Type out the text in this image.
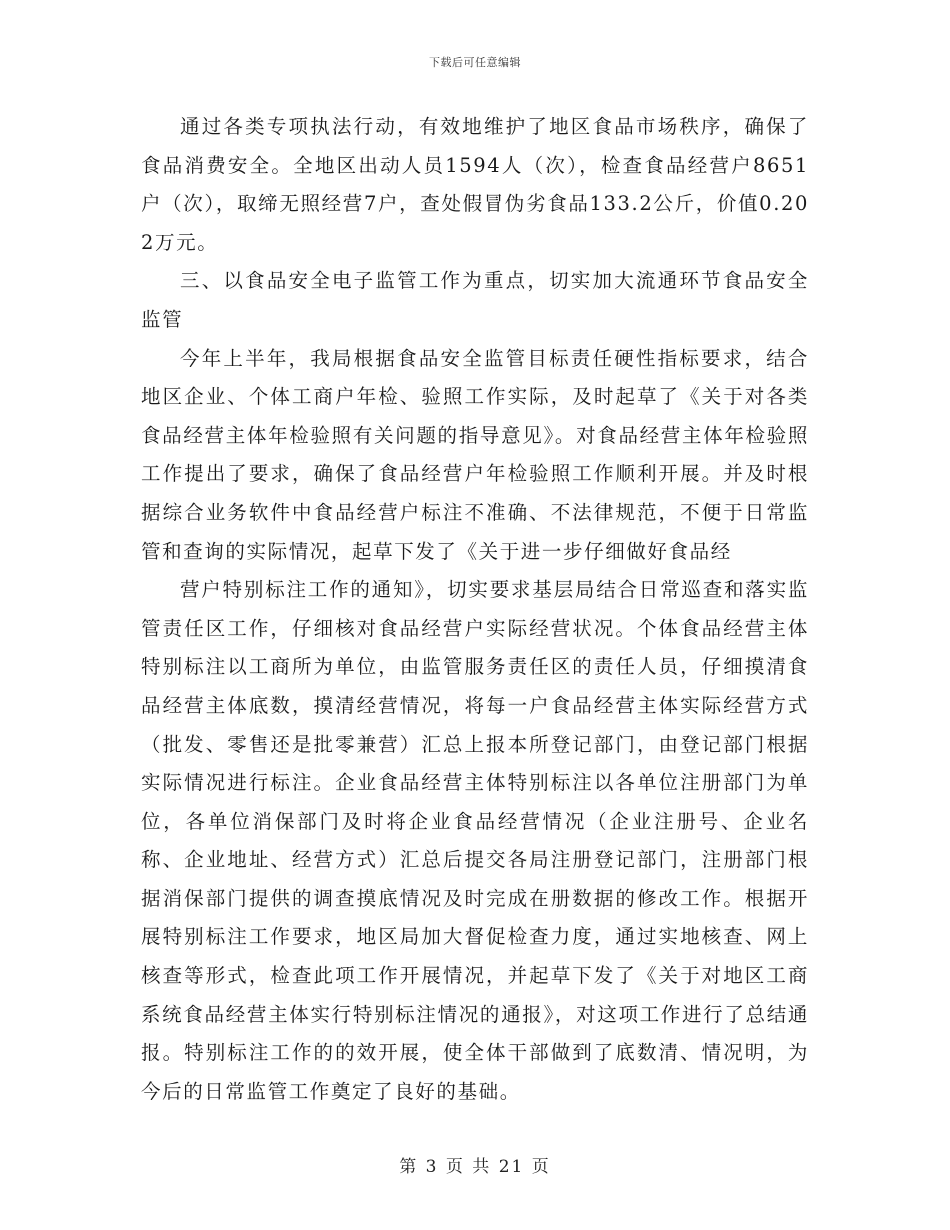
下载后可任意编辑

通过各类专项执法行动，有效地维护了地区食品市场秩序，确保了食品消费安全。全地区出动人员1594人（次），检查食品经营户8651户（次），取缔无照经营7户，查处假冒伪劣食品133.2公斤，价值0.202万元。

三、以食品安全电子监管工作为重点，切实加大流通环节食品安全监管

今年上半年，我局根据食品安全监管目标责任硬性指标要求，结合地区企业、个体工商户年检、验照工作实际，及时起草了《关于对各类食品经营主体年检验照有关问题的指导意见》。对食品经营主体年检验照工作提出了要求，确保了食品经营户年检验照工作顺利开展。并及时根据综合业务软件中食品经营户标注不准确、不法律规范，不便于日常监管和查询的实际情况，起草下发了《关于进一步仔细做好食品经

营户特别标注工作的通知》，切实要求基层局结合日常巡查和落实监管责任区工作，仔细核对食品经营户实际经营状况。个体食品经营主体特别标注以工商所为单位，由监管服务责任区的责任人员，仔细摸清食品经营主体底数，摸清经营情况，将每一户食品经营主体实际经营方式（批发、零售还是批零兼营）汇总上报本所登记部门，由登记部门根据实际情况进行标注。企业食品经营主体特别标注以各单位注册部门为单位，各单位消保部门及时将企业食品经营情况（企业注册号、企业名称、企业地址、经营方式）汇总后提交各局注册登记部门，注册部门根据消保部门提供的调查摸底情况及时完成在册数据的修改工作。根据开展特别标注工作要求，地区局加大督促检查力度，通过实地核查、网上核查等形式，检查此项工作开展情况，并起草下发了《关于对地区工商系统食品经营主体实行特别标注情况的通报》，对这项工作进行了总结通报。特别标注工作的的效开展，使全体干部做到了底数清、情况明，为今后的日常监管工作奠定了良好的基础。

第 3 页 共 21 页
